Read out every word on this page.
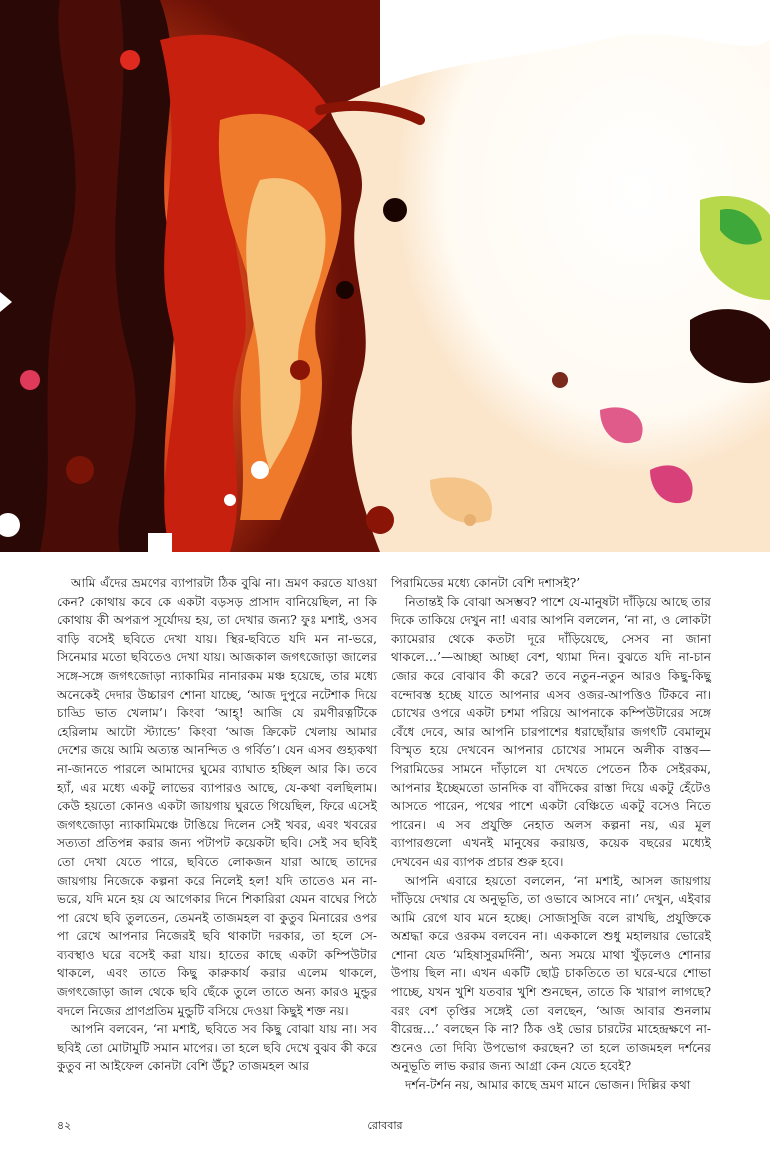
আমি এঁদের ভ্রমণের ব্যাপারটা ঠিক বুঝি না। ভ্রমণ করতে যাওয়া কেন? কোথায় কবে কে একটা বড়সড় প্রাসাদ বানিয়েছিল, না কি কোথায় কী অপরূপ সূর্যোদয় হয়, তা দেখার জন্য? ফুঃ মশাই, ওসব বাড়ি বসেই ছবিতে দেখা যায়। স্থির-ছবিতে যদি মন না-ভরে, সিনেমার মতো ছবিতেও দেখা যায়। আজকাল জগৎজোড়া জালের সঙ্গে-সঙ্গে জগৎজোড়া ন্যাকামির নানারকম মঞ্চ হয়েছে, তার মধ্যে অনেকেই দেদার উচ্চারণ শোনা যাচ্ছে, ‘আজ দুপুরে নটেশাক দিয়ে চাড্ডি ভাত খেলাম’। কিংবা ‘আহ্‌! আজি যে রমণীরত্নটিকে হেরিলাম আটো স্ট্যান্ডে’ কিংবা ‘আজ ক্রিকেট খেলায় আমার দেশের জয়ে আমি অত্যন্ত আনন্দিত ও গর্বিত’। যেন এসব গুহ্যকথা না-জানতে পারলে আমাদের ঘুমের ব্যাঘাত হচ্ছিল আর কি। তবে হ্যাঁ, এর মধ্যে একটু লাভের ব্যাপারও আছে, যে-কথা বলছিলাম। কেউ হয়তো কোনও একটা জায়গায় ঘুরতে গিয়েছিল, ফিরে এসেই জগৎজোড়া ন্যাকামিমঞ্চে টাঙিয়ে দিলেন সেই খবর, এবং খবরের সত্যতা প্রতিপন্ন করার জন্য পটাপট কয়েকটা ছবি। সেই সব ছবিই তো দেখা যেতে পারে, ছবিতে লোকজন যারা আছে তাদের জায়গায় নিজেকে কল্পনা করে নিলেই হল! যদি তাতেও মন না-ভরে, যদি মনে হয় যে আগেকার দিনে শিকারিরা যেমন বাঘের পিঠে পা রেখে ছবি তুলতেন, তেমনই তাজমহল বা কুতুব মিনারের ওপর পা রেখে আপনার নিজেরই ছবি থাকাটা দরকার, তা হলে সে-ব্যবস্থাও ঘরে বসেই করা যায়। হাতের কাছে একটা কম্পিউটার থাকলে, এবং তাতে কিছু কারুকার্য করার এলেম থাকলে, জগৎজোড়া জাল থেকে ছবি ছেঁকে তুলে তাতে অন্য কারও মুন্ডুর বদলে নিজের প্রাণপ্রতিম মুন্ডুটি বসিয়ে দেওয়া কিছুই শক্ত নয়।

আপনি বলবেন, ‘না মশাই, ছবিতে সব কিছু বোঝা যায় না। সব ছবিই তো মোটামুটি সমান মাপের। তা হলে ছবি দেখে বুঝব কী করে কুতুব না আইফেল কোনটা বেশি উঁচু? তাজমহল আর

পিরামিডের মধ্যে কোনটা বেশি দশাসই?’

নিতান্তই কি বোঝা অসম্ভব? পাশে যে-মানুষটা দাঁড়িয়ে আছে তার দিকে তাকিয়ে দেখুন না! এবার আপনি বললেন, ‘না না, ও লোকটা ক্যামেরার থেকে কতটা দূরে দাঁড়িয়েছে, সেসব না জানা থাকলে…’—আচ্ছা আচ্ছা বেশ, থ্যামা দিন। বুঝতে যদি না-চান জোর করে বোঝাব কী করে? তবে নতুন-নতুন আরও কিছু-কিছু বন্দোবস্ত হচ্ছে যাতে আপনার এসব ওজর-আপত্তিও টিকবে না। চোখের ওপরে একটা চশমা পরিয়ে আপনাকে কম্পিউটারের সঙ্গে বেঁধে দেবে, আর আপনি চারপাশের ধরাছোঁয়ার জগৎটি বেমালুম বিস্মৃত হয়ে দেখবেন আপনার চোখের সামনে অলীক বাস্তব—পিরামিডের সামনে দাঁড়ালে যা দেখতে পেতেন ঠিক সেইরকম, আপনার ইচ্ছেমতো ডানদিক বা বাঁদিকের রাস্তা দিয়ে একটু হেঁটেও আসতে পারেন, পথের পাশে একটা বেঞ্চিতে একটু বসেও নিতে পারেন। এ সব প্রযুক্তি নেহাত অলস কল্পনা নয়, এর মূল ব্যাপারগুলো এখনই মানুষের করায়ত্ত, কয়েক বছরের মধ্যেই দেখবেন এর ব্যাপক প্রচার শুরু হবে।

আপনি এবারে হয়তো বললেন, ‘না মশাই, আসল জায়গায় দাঁড়িয়ে দেখার যে অনুভূতি, তা ওভাবে আসবে না।’ দেখুন, এইবার আমি রেগে যাব মনে হচ্ছে। সোজাসুজি বলে রাখছি, প্রযুক্তিকে অশ্রদ্ধা করে ওরকম বলবেন না। এককালে শুধু মহালয়ার ভোরেই শোনা যেত ‘মহিষাসুরমর্দিনী’, অন্য সময়ে মাথা খুঁড়লেও শোনার উপায় ছিল না। এখন একটি ছোট্ট চাকতিতে তা ঘরে-ঘরে শোভা পাচ্ছে, যখন খুশি যতবার খুশি শুনছেন, তাতে কি খারাপ লাগছে? বরং বেশ তৃপ্তির সঙ্গেই তো বলছেন, ‘আজ আবার শুনলাম বীরেন্দ্র…’ বলছেন কি না? ঠিক ওই ভোর চারটের মাহেন্দ্রক্ষণে না-শুনেও তো দিব্যি উপভোগ করছেন? তা হলে তাজমহল দর্শনের অনুভূতি লাভ করার জন্য আগ্রা কেন যেতে হবেই?

দর্শন-টর্শন নয়, আমার কাছে ভ্রমণ মানে ভোজন। দিল্লির কথা

৪২	রোববার
